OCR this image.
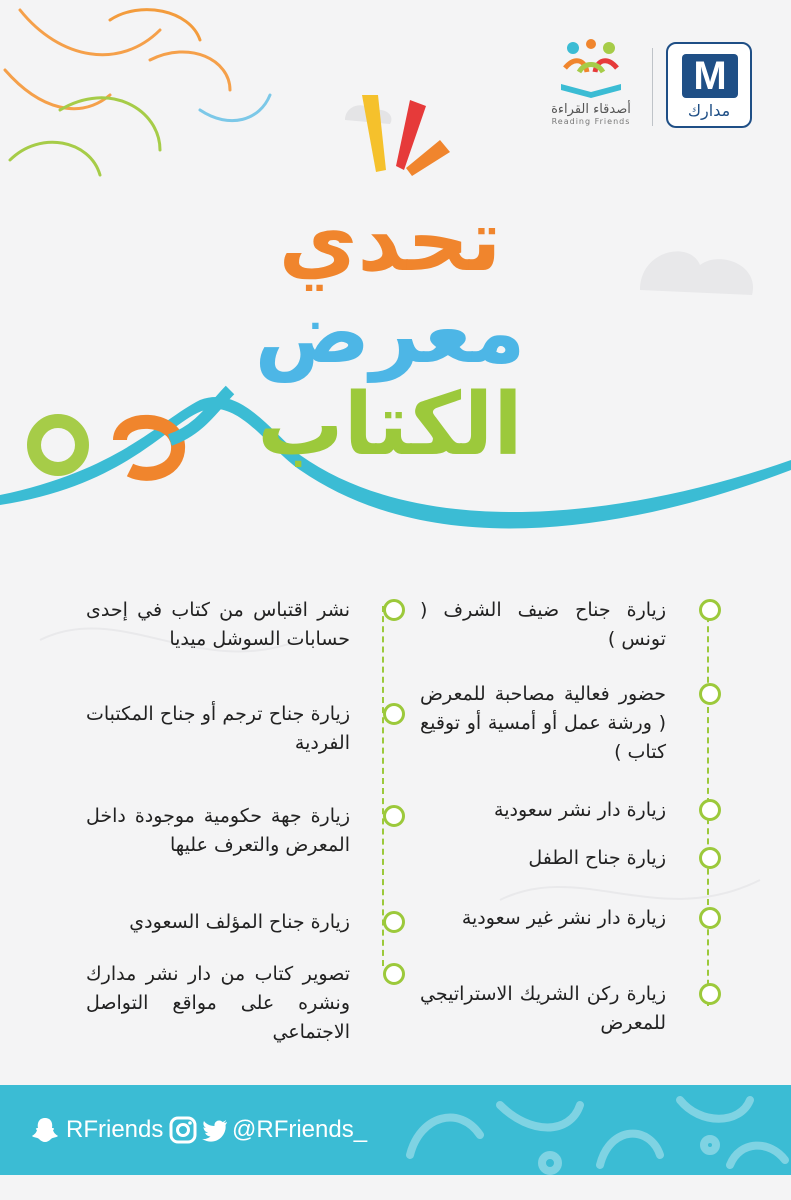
M
مدارك
أصدقاء القراءة
Reading Friends
تحدي
معرض
الكتاب

زيارة جناح ضيف الشرف ( تونس )

حضور فعالية مصاحبة للمعرض ( ورشة عمل أو أمسية أو توقيع كتاب )

زيارة دار نشر سعودية

زيارة جناح الطفل

زيارة دار نشر غير سعودية

زيارة ركن الشريك الاستراتيجي للمعرض

نشر اقتباس من كتاب في إحدى حسابات السوشل ميديا

زيارة جناح ترجم أو جناح المكتبات الفردية

زيارة جهة حكومية موجودة داخل المعرض والتعرف عليها

زيارة جناح المؤلف السعودي

تصوير كتاب من دار نشر مدارك ونشره على مواقع التواصل الاجتماعي

RFriends	@RFriends_
